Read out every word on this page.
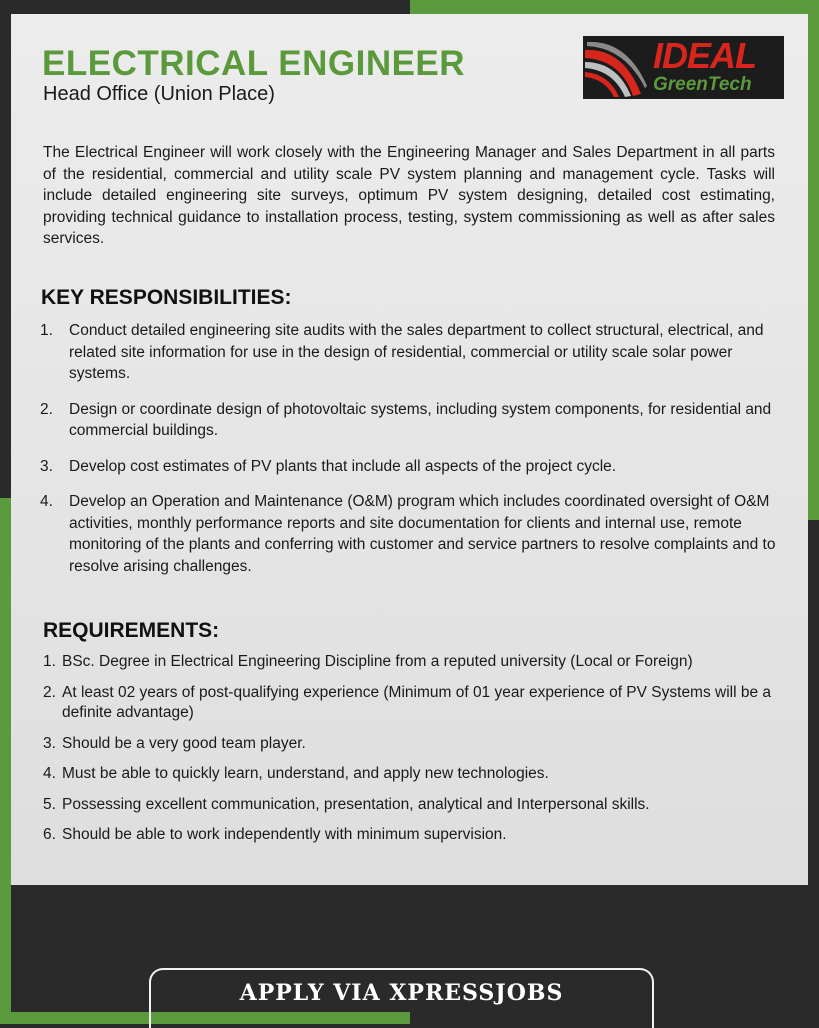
ELECTRICAL ENGINEER
Head Office (Union Place)
IDEAL
GreenTech

The Electrical Engineer will work closely with the Engineering Manager and Sales Department in all parts of the residential, commercial and utility scale PV system planning and management cycle. Tasks will include detailed engineering site surveys, optimum PV system designing, detailed cost estimating, providing technical guidance to installation process, testing, system commissioning as well as after sales services.

KEY RESPONSIBILITIES:
1. Conduct detailed engineering site audits with the sales department to collect structural, electrical, and related site information for use in the design of residential, commercial or utility scale solar power systems.
2. Design or coordinate design of photovoltaic systems, including system components, for residential and commercial buildings.
3. Develop cost estimates of PV plants that include all aspects of the project cycle.
4. Develop an Operation and Maintenance (O&M) program which includes coordinated oversight of O&M activities, monthly performance reports and site documentation for clients and internal use, remote monitoring of the plants and conferring with customer and service partners to resolve complaints and to resolve arising challenges.
REQUIREMENTS:
1. BSc. Degree in Electrical Engineering Discipline from a reputed university (Local or Foreign)
2. At least 02 years of post-qualifying experience (Minimum of 01 year experience of PV Systems will be a definite advantage)
3. Should be a very good team player.
4. Must be able to quickly learn, understand, and apply new technologies.
5. Possessing excellent communication, presentation, analytical and Interpersonal skills.
6. Should be able to work independently with minimum supervision.
APPLY VIA XPRESSJOBS
